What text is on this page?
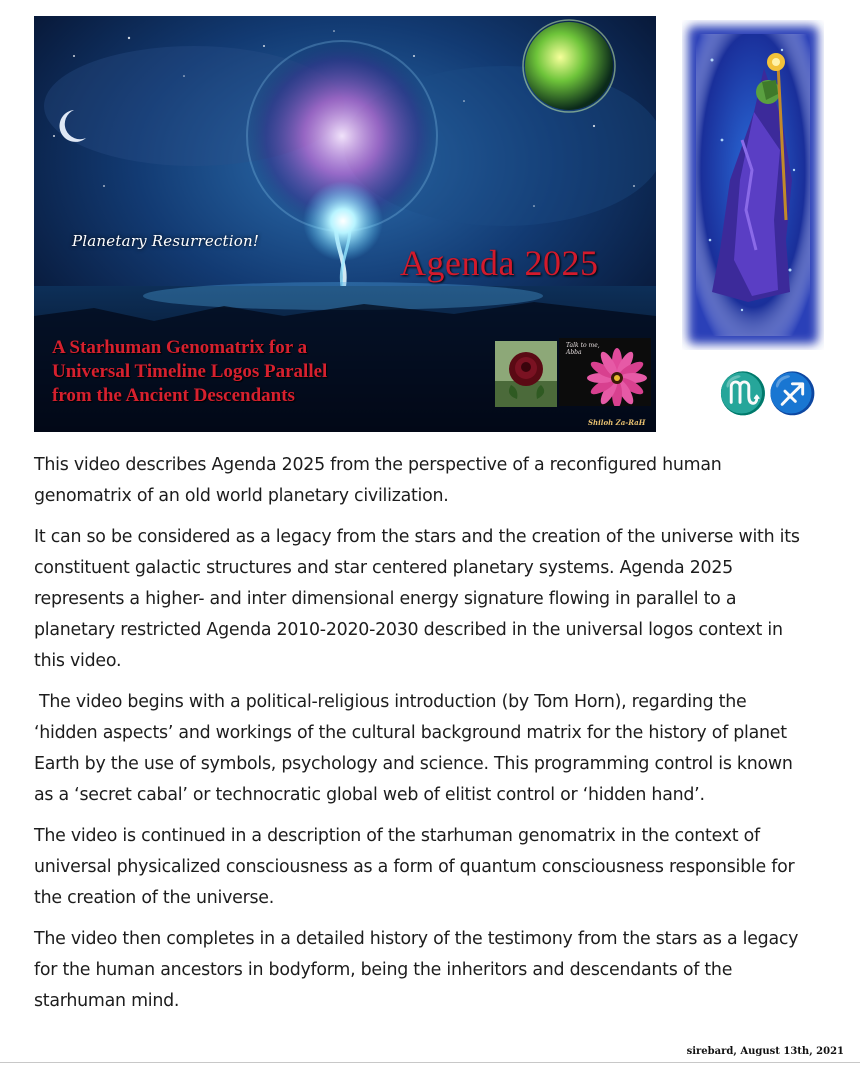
Planetary Resurrection!
Agenda 2025
A Starhuman Genomatrix for a
Universal Timeline Logos Parallel
from the Ancient Descendants
Talk to me, Abba
Shiloh Za-RaH
♏♐

This video describes Agenda 2025 from the perspective of a reconfigured human genomatrix of an old world planetary civilization.

It can so be considered as a legacy from the stars and the creation of the universe with its constituent galactic structures and star centered planetary systems. Agenda 2025 represents a higher- and inter dimensional energy signature flowing in parallel to a planetary restricted Agenda 2010-2020-2030 described in the universal logos context in this video.

The video begins with a political-religious introduction (by Tom Horn), regarding the ‘hidden aspects’ and workings of the cultural background matrix for the history of planet Earth by the use of symbols, psychology and science. This programming control is known as a ‘secret cabal’ or technocratic global web of elitist control or ‘hidden hand’.

The video is continued in a description of the starhuman genomatrix in the context of universal physicalized consciousness as a form of quantum consciousness responsible for the creation of the universe.

The video then completes in a detailed history of the testimony from the stars as a legacy for the human ancestors in bodyform, being the inheritors and descendants of the starhuman mind.

sirebard, August 13th, 2021
